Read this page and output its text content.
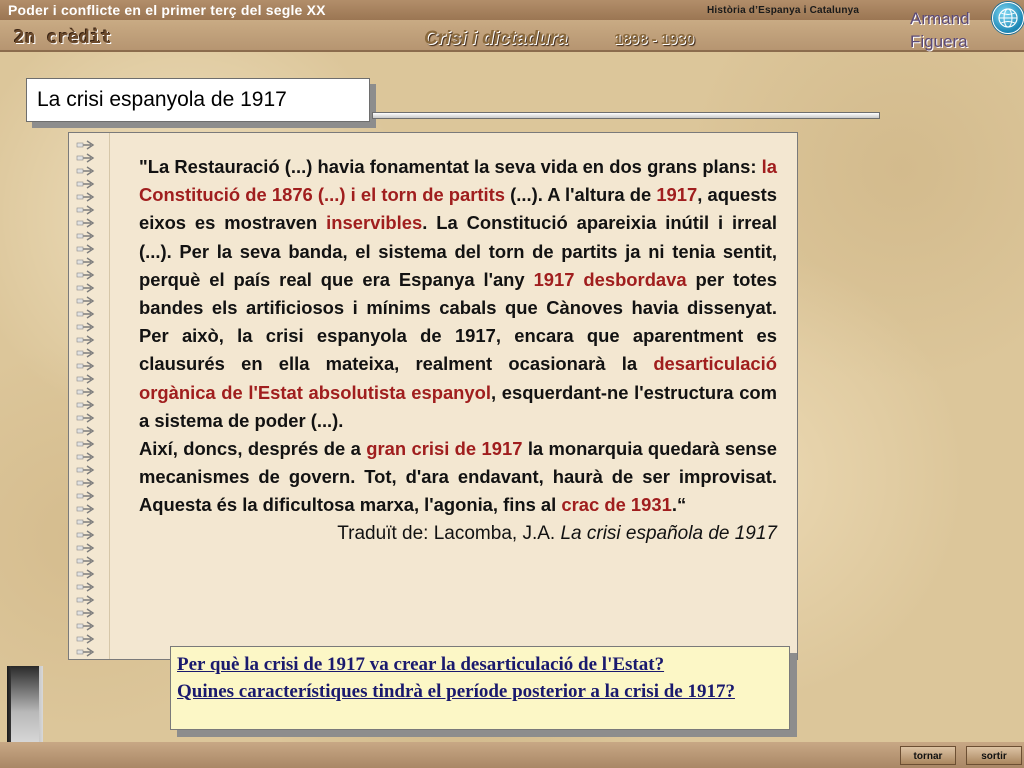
Poder i conflicte en el primer terç del segle XX	Història d’Espanya i Catalunya
2n crèdit	Crisi i dictadura	1898 - 1930
Armand
Figuera
La crisi espanyola de 1917

"La Restauració (...) havia fonamentat la seva vida en dos grans plans: la Constitució de 1876 (...) i el torn de partits (...). A l'altura de 1917, aquests eixos es mostraven inservibles. La Constitució apareixia inútil i irreal (...). Per la seva banda, el sistema del torn de partits ja ni tenia sentit, perquè el país real que era Espanya l'any 1917 desbordava per totes bandes els artificiosos i mínims cabals que Cànoves havia dissenyat. Per això, la crisi espanyola de 1917, encara que aparentment es clausurés en ella mateixa, realment ocasionarà la desarticulació orgànica de l'Estat absolutista espanyol, esquerdant-ne l'estructura com a sistema de poder (...).

Així, doncs, després de a gran crisi de 1917 la monarquia quedarà sense mecanismes de govern. Tot, d'ara endavant, haurà de ser improvisat. Aquesta és la dificultosa marxa, l'agonia, fins al crac de 1931.“

Traduït de: Lacomba, J.A. La crisi española de 1917

Per què la crisi de 1917 va crear la desarticulació de l'Estat?

Quines característiques tindrà el període posterior a la crisi de 1917?

tornar	sortir
